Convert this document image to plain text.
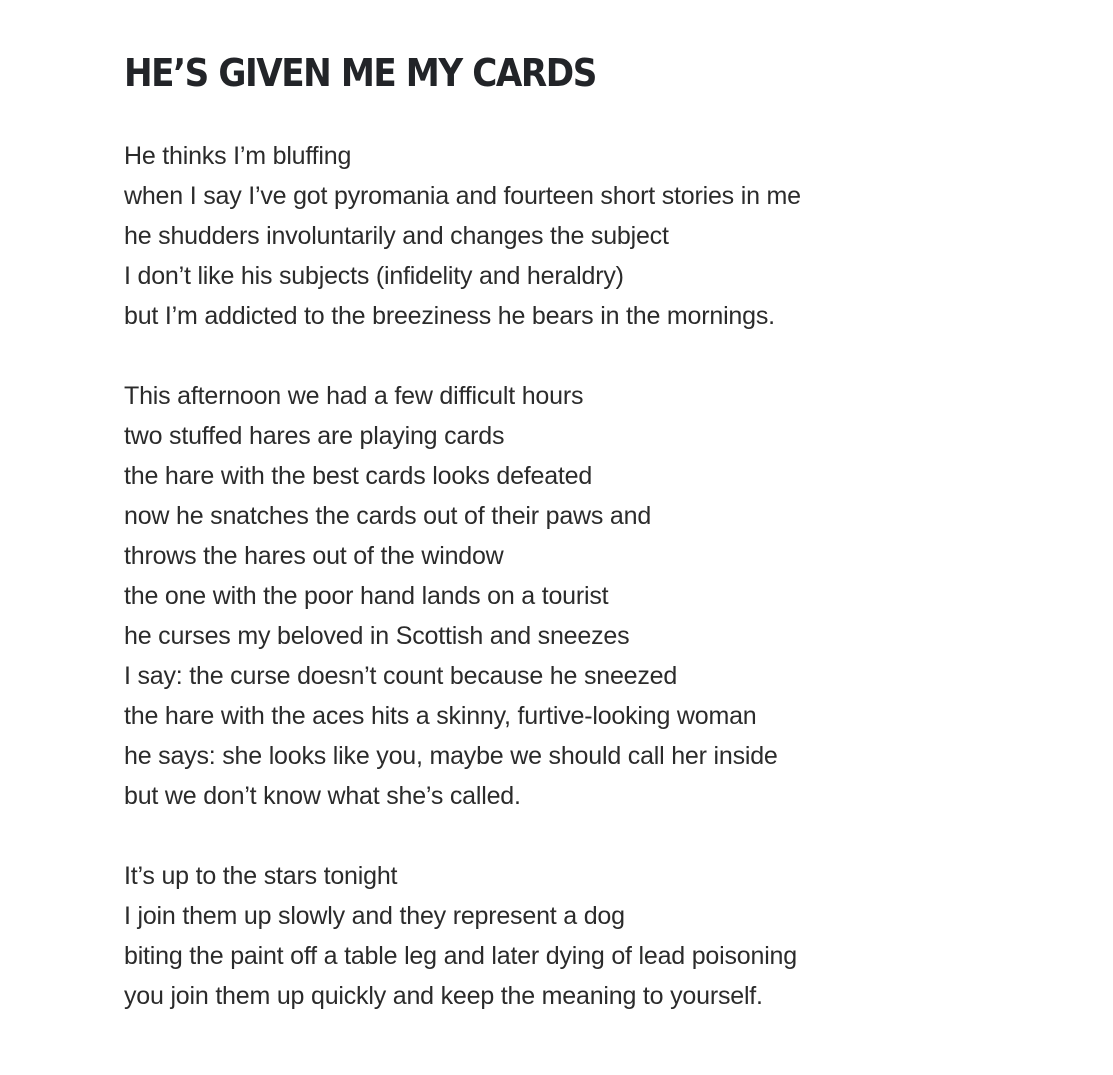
HE’S GIVEN ME MY CARDS
He thinks I’m bluffing
when I say I’ve got pyromania and fourteen short stories in me
he shudders involuntarily and changes the subject
I don’t like his subjects (infidelity and heraldry)
but I’m addicted to the breeziness he bears in the mornings.
This afternoon we had a few difficult hours
two stuffed hares are playing cards
the hare with the best cards looks defeated
now he snatches the cards out of their paws and
throws the hares out of the window
the one with the poor hand lands on a tourist
he curses my beloved in Scottish and sneezes
I say: the curse doesn’t count because he sneezed
the hare with the aces hits a skinny, furtive-looking woman
he says: she looks like you, maybe we should call her inside
but we don’t know what she’s called.
It’s up to the stars tonight
I join them up slowly and they represent a dog
biting the paint off a table leg and later dying of lead poisoning
you join them up quickly and keep the meaning to yourself.
